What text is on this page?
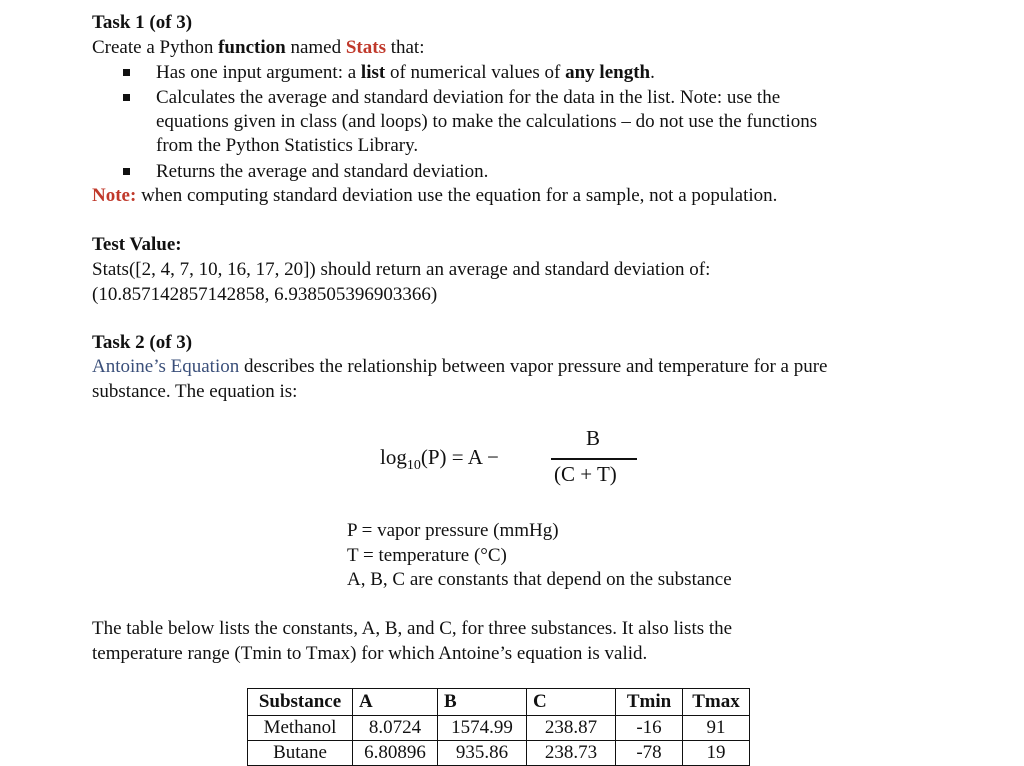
Task 1 (of 3)
Create a Python function named Stats that:
Has one input argument: a list of numerical values of any length.
Calculates the average and standard deviation for the data in the list. Note: use the
equations given in class (and loops) to make the calculations – do not use the functions
from the Python Statistics Library.
Returns the average and standard deviation.
Note: when computing standard deviation use the equation for a sample, not a population.
Test Value:
Stats([2, 4, 7, 10, 16, 17, 20]) should return an average and standard deviation of:
(10.857142857142858, 6.938505396903366)
Task 2 (of 3)
Antoine’s Equation describes the relationship between vapor pressure and temperature for a pure
substance. The equation is:
$\log_{10}(P) = A$ −
B
(C + T)
P = vapor pressure (mmHg)
T = temperature (°C)
A, B, C are constants that depend on the substance
The table below lists the constants, A, B, and C, for three substances. It also lists the
temperature range (Tmin to Tmax) for which Antoine’s equation is valid.
Substance	A	B	C	Tmin	Tmax
Methanol	8.0724	1574.99	238.87	-16	91
Butane	6.80896	935.86	238.73	-78	19
